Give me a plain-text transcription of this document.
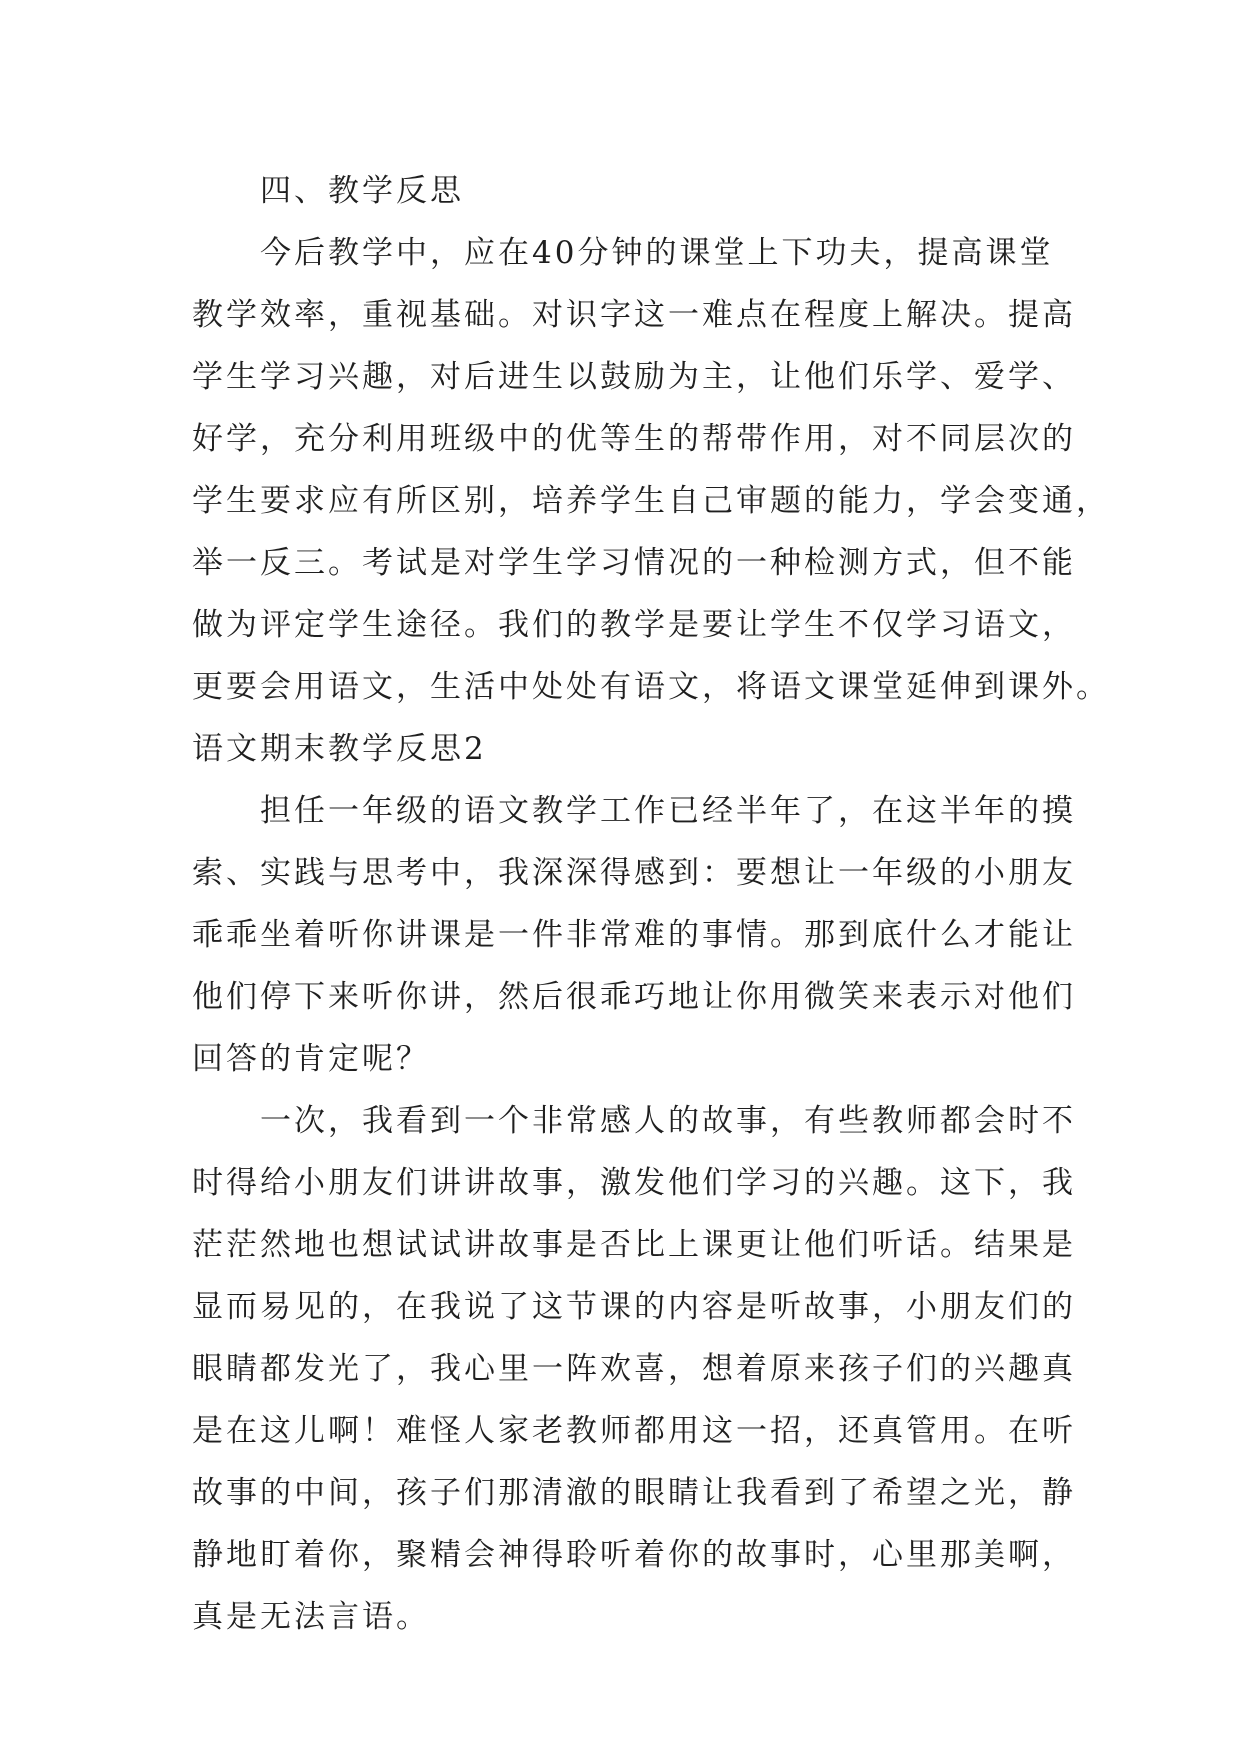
　　四、教学反思
　　今后教学中，应在40分钟的课堂上下功夫，提高课堂
教学效率，重视基础。对识字这一难点在程度上解决。提高
学生学习兴趣，对后进生以鼓励为主，让他们乐学、爱学、
好学，充分利用班级中的优等生的帮带作用，对不同层次的
学生要求应有所区别，培养学生自己审题的能力，学会变通，
举一反三。考试是对学生学习情况的一种检测方式，但不能
做为评定学生途径。我们的教学是要让学生不仅学习语文，
更要会用语文，生活中处处有语文，将语文课堂延伸到课外。
语文期末教学反思2
　　担任一年级的语文教学工作已经半年了，在这半年的摸
索、实践与思考中，我深深得感到：要想让一年级的小朋友
乖乖坐着听你讲课是一件非常难的事情。那到底什么才能让
他们停下来听你讲，然后很乖巧地让你用微笑来表示对他们
回答的肯定呢？
　　一次，我看到一个非常感人的故事，有些教师都会时不
时得给小朋友们讲讲故事，激发他们学习的兴趣。这下，我
茫茫然地也想试试讲故事是否比上课更让他们听话。结果是
显而易见的，在我说了这节课的内容是听故事，小朋友们的
眼睛都发光了，我心里一阵欢喜，想着原来孩子们的兴趣真
是在这儿啊！难怪人家老教师都用这一招，还真管用。在听
故事的中间，孩子们那清澈的眼睛让我看到了希望之光，静
静地盯着你，聚精会神得聆听着你的故事时，心里那美啊，
真是无法言语。
